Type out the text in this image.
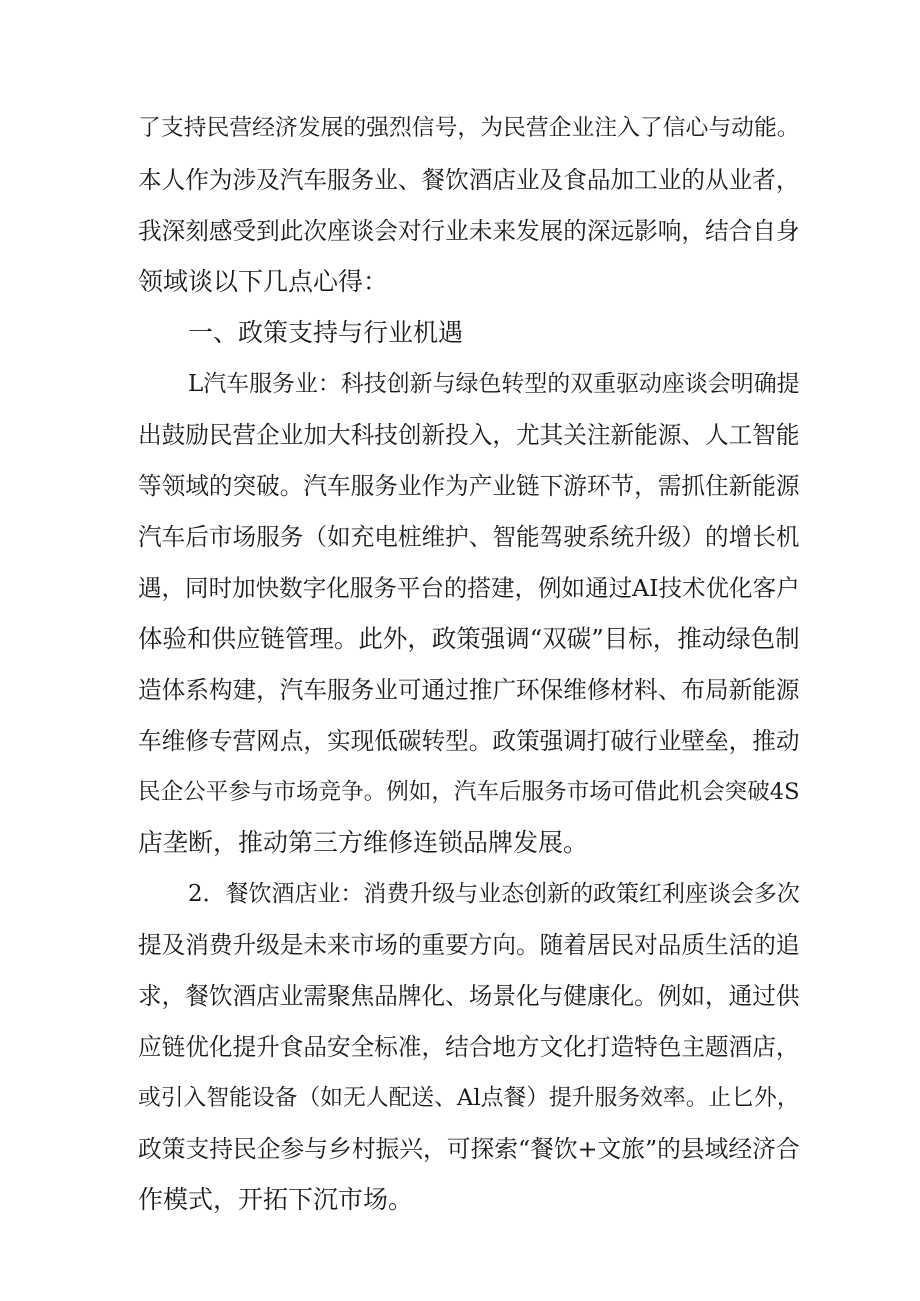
了支持民营经济发展的强烈信号，为民营企业注入了信心与动能。
本人作为涉及汽车服务业、餐饮酒店业及食品加工业的从业者，
我深刻感受到此次座谈会对行业未来发展的深远影响，结合自身
领域谈以下几点心得：
一、政策支持与行业机遇
L汽车服务业：科技创新与绿色转型的双重驱动座谈会明确提
出鼓励民营企业加大科技创新投入，尤其关注新能源、人工智能
等领域的突破。汽车服务业作为产业链下游环节，需抓住新能源
汽车后市场服务（如充电桩维护、智能驾驶系统升级）的增长机
遇，同时加快数字化服务平台的搭建，例如通过AI技术优化客户
体验和供应链管理。此外，政策强调“双碳”目标，推动绿色制
造体系构建，汽车服务业可通过推广环保维修材料、布局新能源
车维修专营网点，实现低碳转型。政策强调打破行业壁垒，推动
民企公平参与市场竞争。例如，汽车后服务市场可借此机会突破4S
店垄断，推动第三方维修连锁品牌发展。
2．餐饮酒店业：消费升级与业态创新的政策红利座谈会多次
提及消费升级是未来市场的重要方向。随着居民对品质生活的追
求，餐饮酒店业需聚焦品牌化、场景化与健康化。例如，通过供
应链优化提升食品安全标准，结合地方文化打造特色主题酒店，
或引入智能设备（如无人配送、Al点餐）提升服务效率。止匕外，
政策支持民企参与乡村振兴，可探索“餐饮+文旅”的县域经济合
作模式，开拓下沉市场。
